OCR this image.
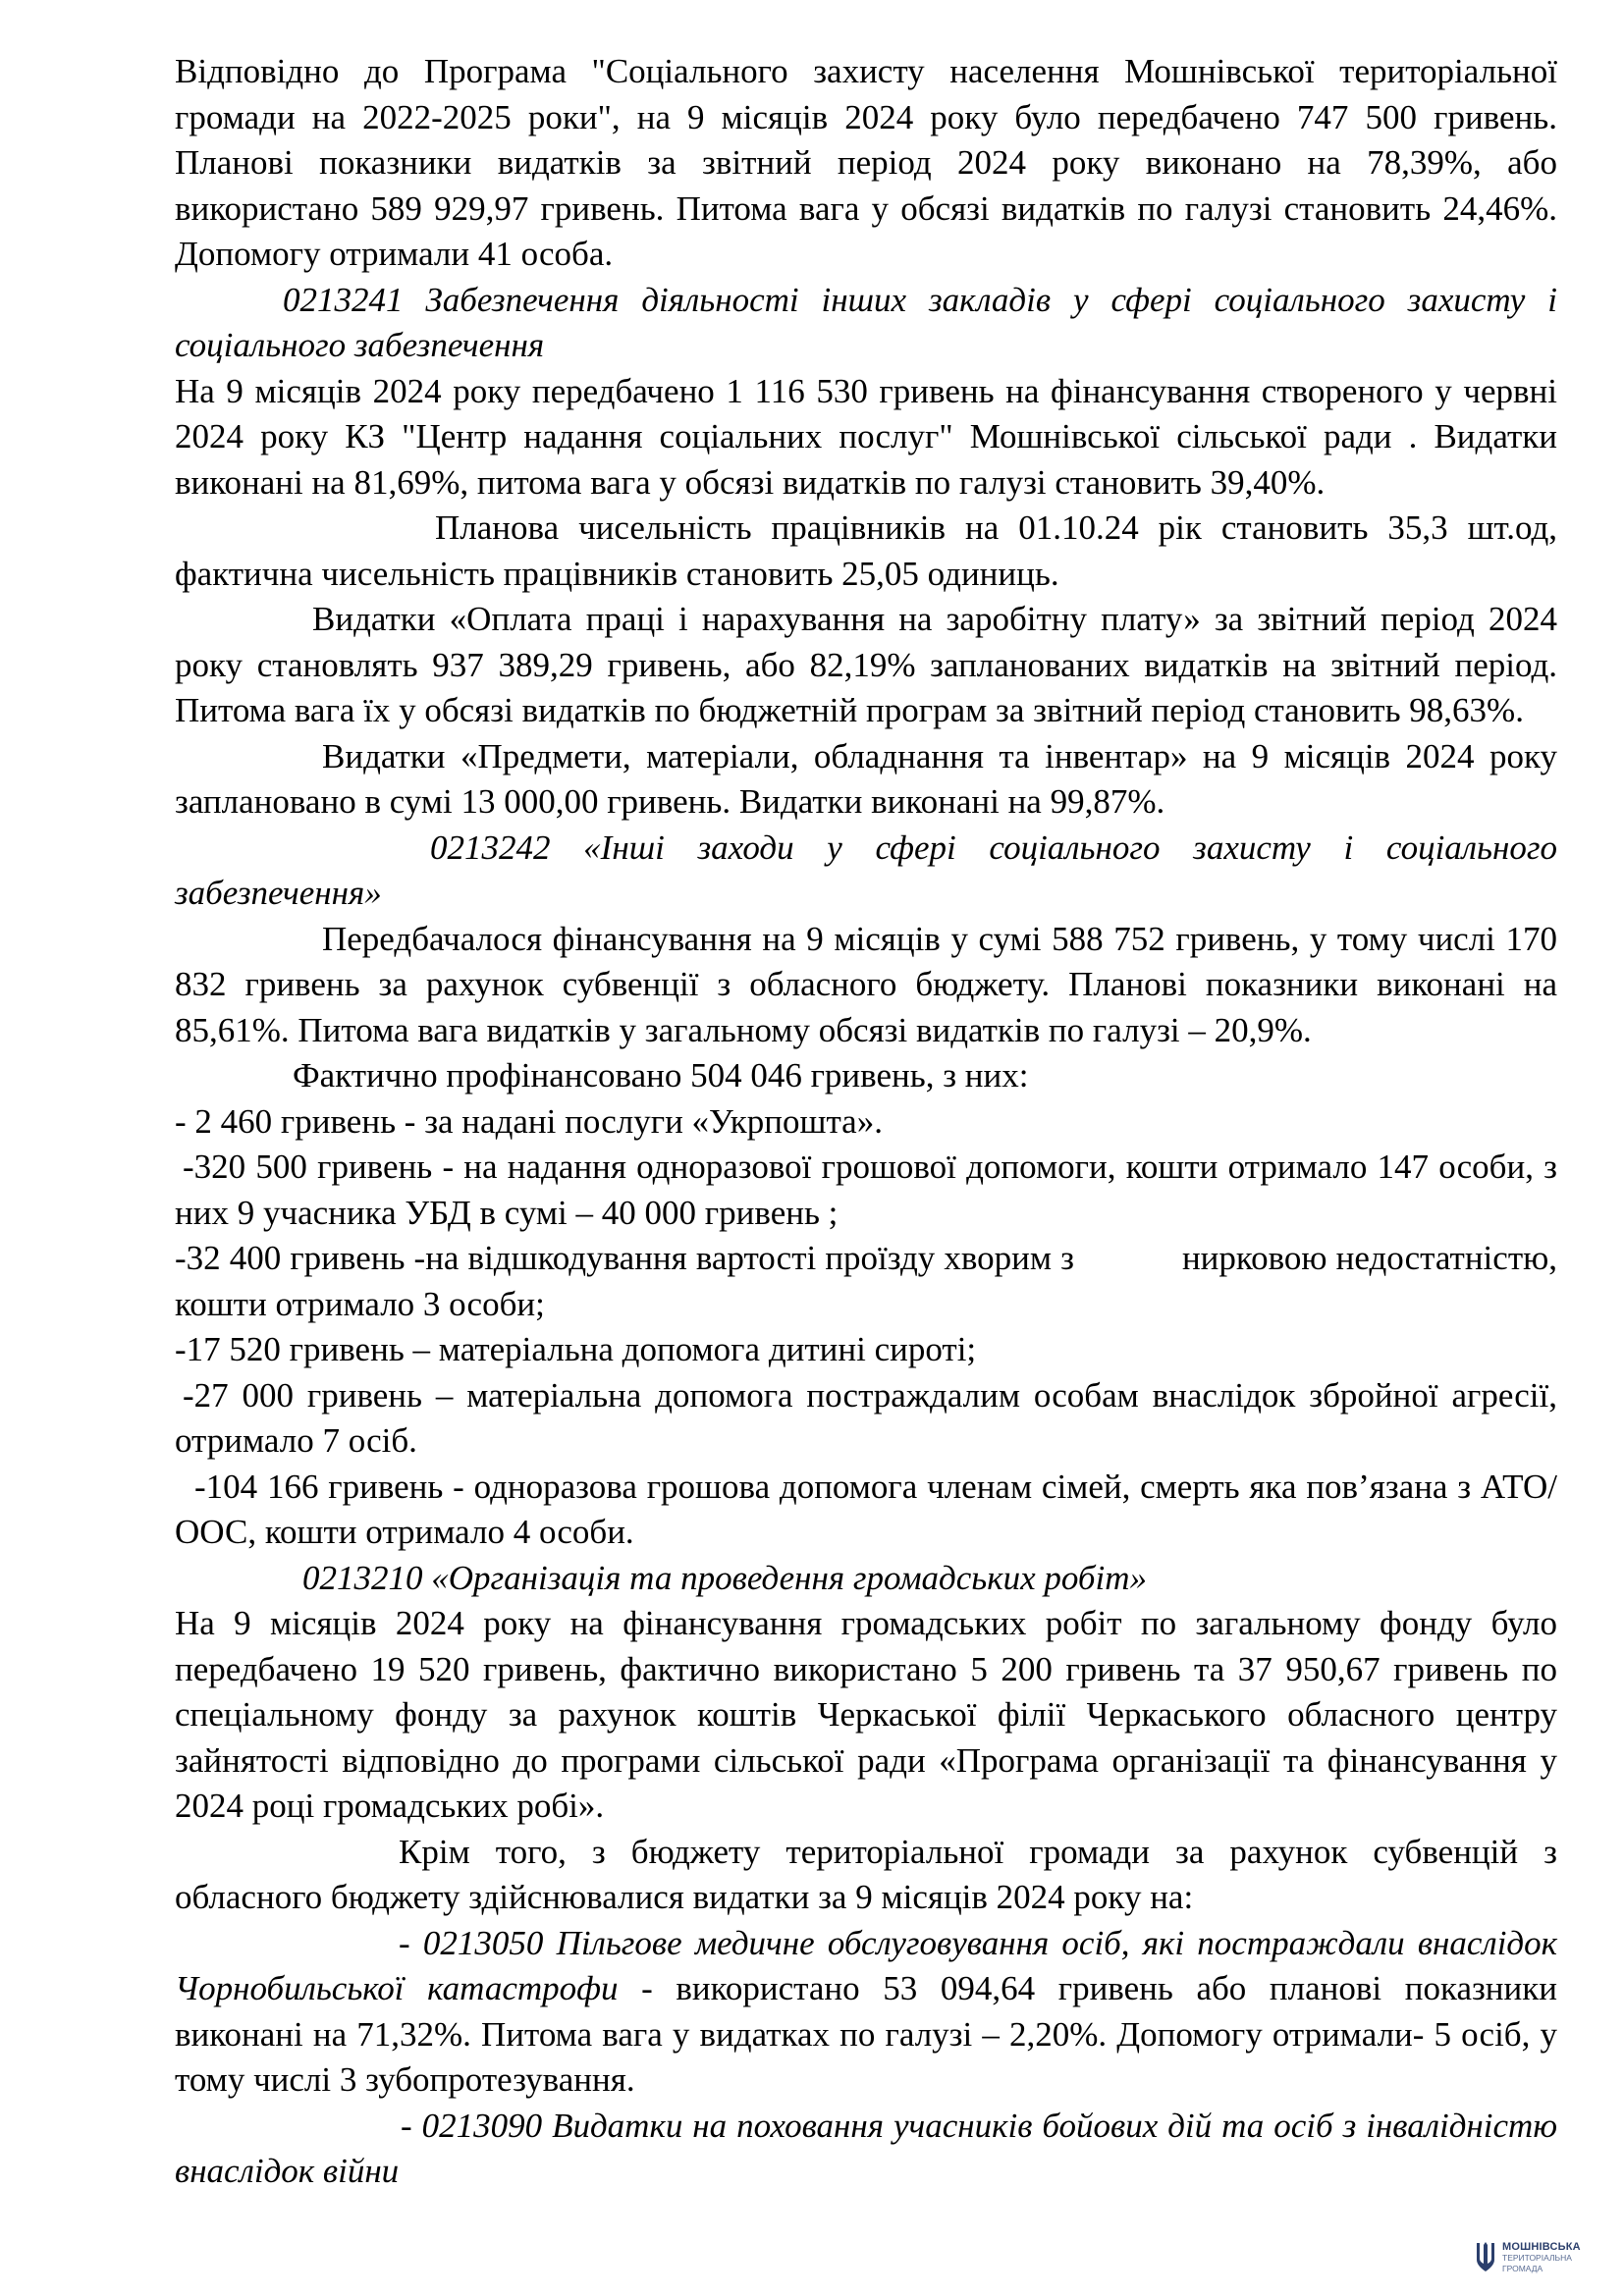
Відповідно до Програма "Соціального захисту населення Мошнівської територіальної громади на 2022-2025 роки", на 9 місяців 2024 року було передбачено 747 500 гривень. Планові показники видатків за звітний період 2024 року виконано на 78,39%, або використано 589 929,97 гривень. Питома вага у обсязі видатків по галузі становить 24,46%. Допомогу отримали 41 особа.

0213241 Забезпечення діяльності інших закладів у сфері соціального захисту і соціального забезпечення

На 9 місяців 2024 року передбачено 1 116 530 гривень на фінансування створеного у червні 2024 року КЗ "Центр надання соціальних послуг" Мошнівської сільської ради . Видатки виконані на 81,69%, питома вага у обсязі видатків по галузі становить 39,40%.

Планова чисельність працівників на 01.10.24 рік становить 35,3 шт.од, фактична чисельність працівників становить 25,05 одиниць.

Видатки «Оплата праці і нарахування на заробітну плату» за звітний період 2024 року становлять 937 389,29 гривень, або 82,19% запланованих видатків на звітний період. Питома вага їх у обсязі видатків по бюджетній програм за звітний період становить 98,63%.

Видатки «Предмети, матеріали, обладнання та інвентар» на 9 місяців 2024 року заплановано в сумі 13 000,00 гривень. Видатки виконані на 99,87%.

0213242 «Інші заходи у сфері соціального захисту і соціального забезпечення»

Передбачалося фінансування на 9 місяців у сумі 588 752 гривень, у тому числі 170 832 гривень за рахунок субвенції з обласного бюджету. Планові показники виконані на 85,61%. Питома вага видатків у загальному обсязі видатків по галузі – 20,9%.

Фактично профінансовано 504 046 гривень, з них:

- 2 460 гривень - за надані послуги «Укрпошта».

-320 500 гривень - на надання одноразової грошової допомоги, кошти отримало 147 особи, з них 9 учасника УБД в сумі – 40 000 гривень ;

-32 400 гривень -на відшкодування вартості проїзду хворим з	нирковою недостатністю, кошти отримало 3 особи;

-17 520 гривень – матеріальна допомога дитині сироті;

-27 000 гривень – матеріальна допомога постраждалим особам внаслідок збройної агресії, отримало 7 осіб.

-104 166 гривень - одноразова грошова допомога членам сімей, смерть яка пов’язана з АТО/ООС, кошти отримало 4 особи.

0213210 «Організація та проведення громадських робіт»

На 9 місяців 2024 року на фінансування громадських робіт по загальному фонду було передбачено 19 520 гривень, фактично використано 5 200 гривень та 37 950,67 гривень по спеціальному фонду за рахунок коштів Черкаської філії Черкаського обласного центру зайнятості відповідно до програми сільської ради «Програма організації та фінансування у 2024 році громадських робі».

Крім того, з бюджету територіальної громади за рахунок субвенцій з обласного бюджету здійснювалися видатки за 9 місяців 2024 року на:

- 0213050 Пільгове медичне обслуговування осіб, які постраждали внаслідок Чорнобильської катастрофи - використано 53 094,64 гривень або планові показники виконані на 71,32%. Питома вага у видатках по галузі – 2,20%. Допомогу отримали- 5 осіб, у тому числі 3 зубопротезування.

- 0213090 Видатки на поховання учасників бойових дій та осіб з інвалідністю внаслідок війни

МОШНІВСЬКА
ТЕРИТОРІАЛЬНА
ГРОМАДА
